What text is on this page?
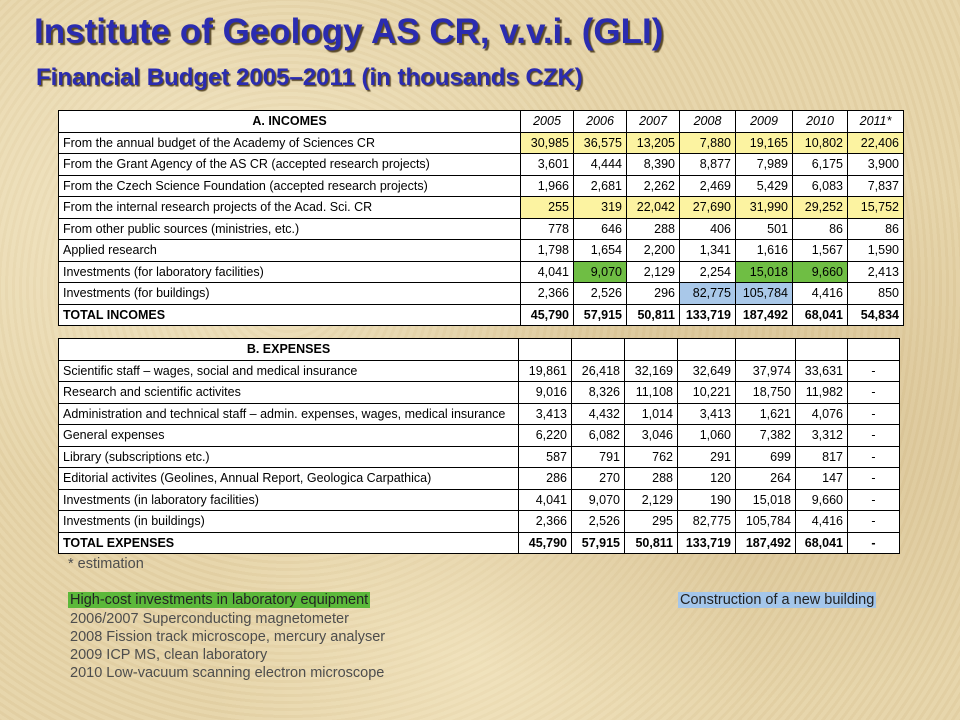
Institute of Geology AS CR, v.v.i. (GLI)
Financial Budget 2005–2011 (in thousands CZK)
A. INCOMES	2005	2006	2007	2008	2009	2010	2011*
From the annual budget of the Academy of Sciences CR	30,985	36,575	13,205	7,880	19,165	10,802	22,406
From the Grant Agency of the AS CR (accepted research projects)	3,601	4,444	8,390	8,877	7,989	6,175	3,900
From the Czech Science Foundation (accepted research projects)	1,966	2,681	2,262	2,469	5,429	6,083	7,837
From the internal research projects of the Acad. Sci. CR	255	319	22,042	27,690	31,990	29,252	15,752
From other public sources (ministries, etc.)	778	646	288	406	501	86	86
Applied research	1,798	1,654	2,200	1,341	1,616	1,567	1,590
Investments (for laboratory facilities)	4,041	9,070	2,129	2,254	15,018	9,660	2,413
Investments (for buildings)	2,366	2,526	296	82,775	105,784	4,416	850
TOTAL INCOMES	45,790	57,915	50,811	133,719	187,492	68,041	54,834
B. EXPENSES							
Scientific staff – wages, social and medical insurance	19,861	26,418	32,169	32,649	37,974	33,631	-
Research and scientific activites	9,016	8,326	11,108	10,221	18,750	11,982	-
Administration and technical staff – admin. expenses, wages, medical insurance	3,413	4,432	1,014	3,413	1,621	4,076	-
General expenses	6,220	6,082	3,046	1,060	7,382	3,312	-
Library (subscriptions etc.)	587	791	762	291	699	817	-
Editorial activites (Geolines, Annual Report, Geologica Carpathica)	286	270	288	120	264	147	-
Investments (in laboratory facilities)	4,041	9,070	2,129	190	15,018	9,660	-
Investments (in buildings)	2,366	2,526	295	82,775	105,784	4,416	-
TOTAL EXPENSES	45,790	57,915	50,811	133,719	187,492	68,041	-
* estimation
High-cost investments in laboratory equipment	Construction of a new building
2006/2007 Superconducting magnetometer
2008 Fission track microscope, mercury analyser
2009 ICP MS, clean laboratory
2010 Low-vacuum scanning electron microscope
